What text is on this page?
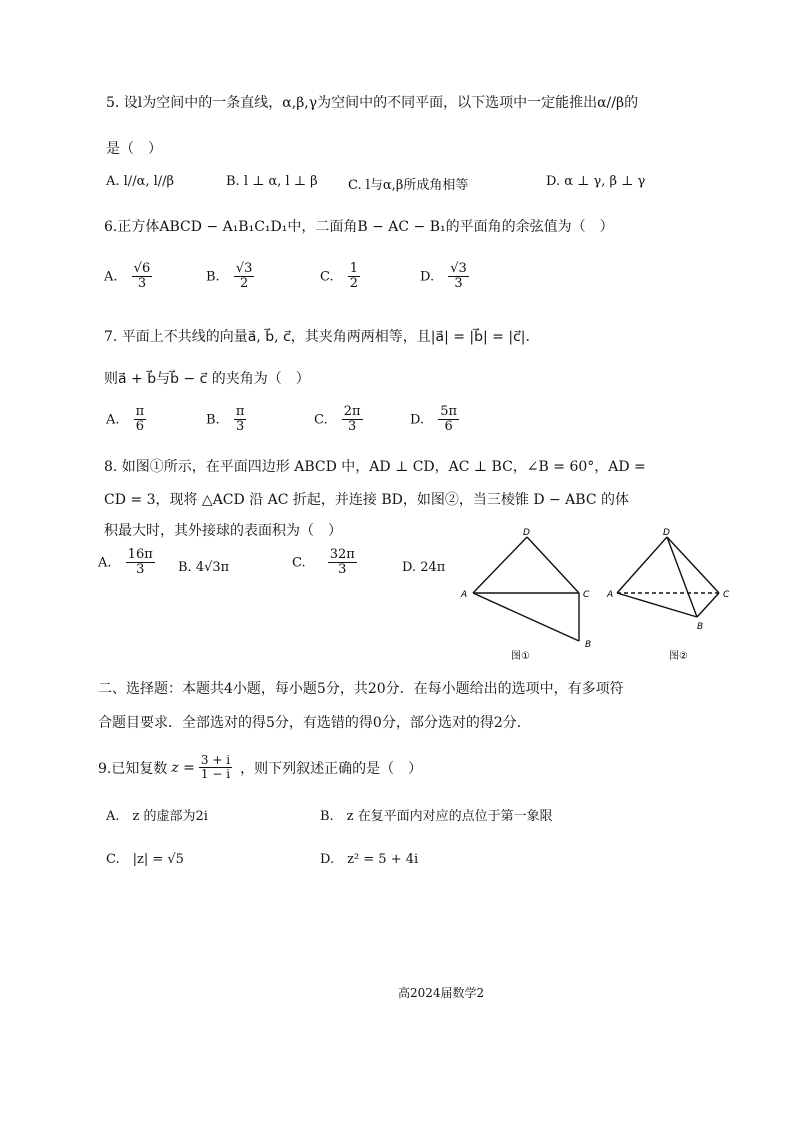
5. 设l为空间中的一条直线，α,β,γ为空间中的不同平面，以下选项中一定能推出α//β的
是（　）
A. l//α, l//β	B. l ⊥ α, l ⊥ β C. l与α,β所成角相等	D. α ⊥ γ, β ⊥ γ
6.正方体ABCD − A₁B₁C₁D₁中，二面角B − AC − B₁的平面角的余弦值为（　）
A. $\frac{√6}{3}$	B. $\frac{√3}{2}$	C. $\frac{1}{2}$	D. $\frac{√3}{3}$
7. 平面上不共线的向量a⃗, b⃗, c⃗，其夹角两两相等，且|a⃗| = |b⃗| = |c⃗|.
则a⃗ + b⃗与b⃗ − c⃗ 的夹角为（　）
A. $\frac{\pi}{6}$	B. $\frac{\pi}{3}$	C. $\frac{2\pi}{3}$	D. $\frac{5\pi}{6}$
8. 如图①所示，在平面四边形 ABCD 中，AD ⊥ CD，AC ⊥ BC，∠B = 60°，AD =
CD = 3，现将 △ACD 沿 AC 折起，并连接 BD，如图②，当三棱锥 D − ABC 的体
积最大时，其外接球的表面积为（　）
A. $\frac{16\pi}{3} B$. 4√3π	C. $\frac{32\pi}{3}$	D. 24π
D
A	C
B
图①
D
A	C
B
图②
二、选择题：本题共4小题，每小题5分，共20分．在每小题给出的选项中，有多项符
合题目要求．全部选对的得5分，有选错的得0分，部分选对的得2分．
9.已知复数 $z = \frac{3 + i}{1 - i}$ ，则下列叙述正确的是（　）
A.　z 的虚部为2i	B.　z 在复平面内对应的点位于第一象限
C.　|z| = √5	D.　z² = 5 + 4i
高2024届数学2
